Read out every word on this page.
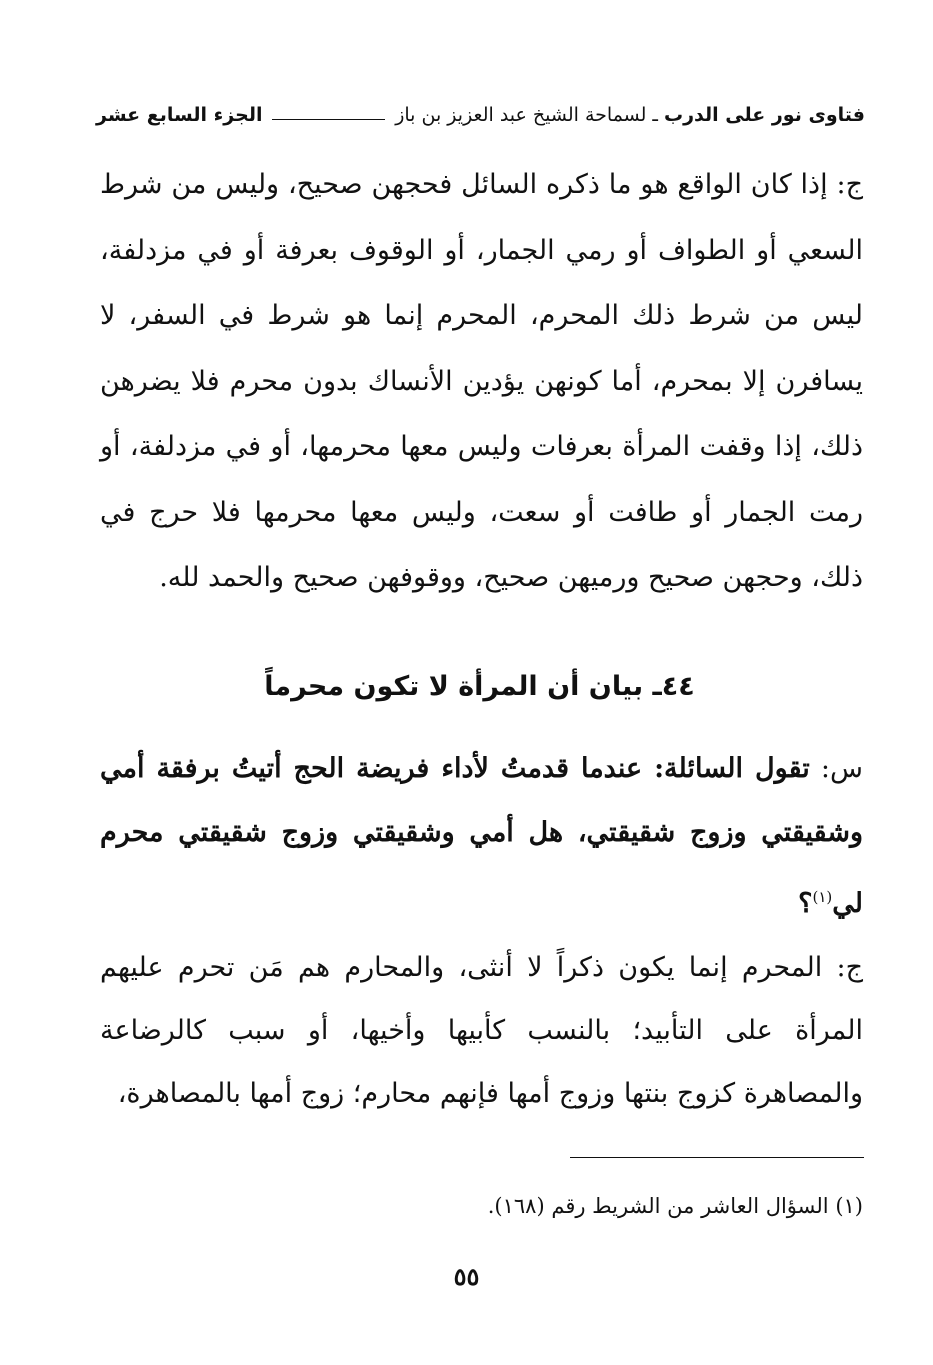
فتاوى نور على الدرب
ـ
لسماحة الشيخ عبد العزيز بن باز
الجزء السابع عشر
ج: إذا كان الواقع هو ما ذكره السائل فحجهن صحيح، وليس من شرط السعي أو الطواف أو رمي الجمار، أو الوقوف بعرفة أو في مزدلفة، ليس من شرط ذلك المحرم، المحرم إنما هو شرط في السفر، لا يسافرن إلا بمحرم، أما كونهن يؤدين الأنساك بدون محرم فلا يضرهن ذلك، إذا وقفت المرأة بعرفات وليس معها محرمها، أو في مزدلفة، أو رمت الجمار أو طافت أو سعت، وليس معها محرمها فلا حرج في ذلك، وحجهن صحيح ورميهن صحيح، ووقوفهن صحيح والحمد لله.
٤٤ـ بيان أن المرأة لا تكون محرماً
س: تقول السائلة: عندما قدمتُ لأداء فريضة الحج أتيتُ برفقة أمي وشقيقتي وزوج شقيقتي، هل أمي وشقيقتي وزوج شقيقتي محرم لي$^{(١)}$؟
ج: المحرم إنما يكون ذكراً لا أنثى، والمحارم هم مَن تحرم عليهم المرأة على التأبيد؛ بالنسب كأبيها وأخيها، أو سبب كالرضاعة والمصاهرة كزوج بنتها وزوج أمها فإنهم محارم؛ زوج أمها بالمصاهرة،
(١) السؤال العاشر من الشريط رقم (١٦٨).
٥٥
